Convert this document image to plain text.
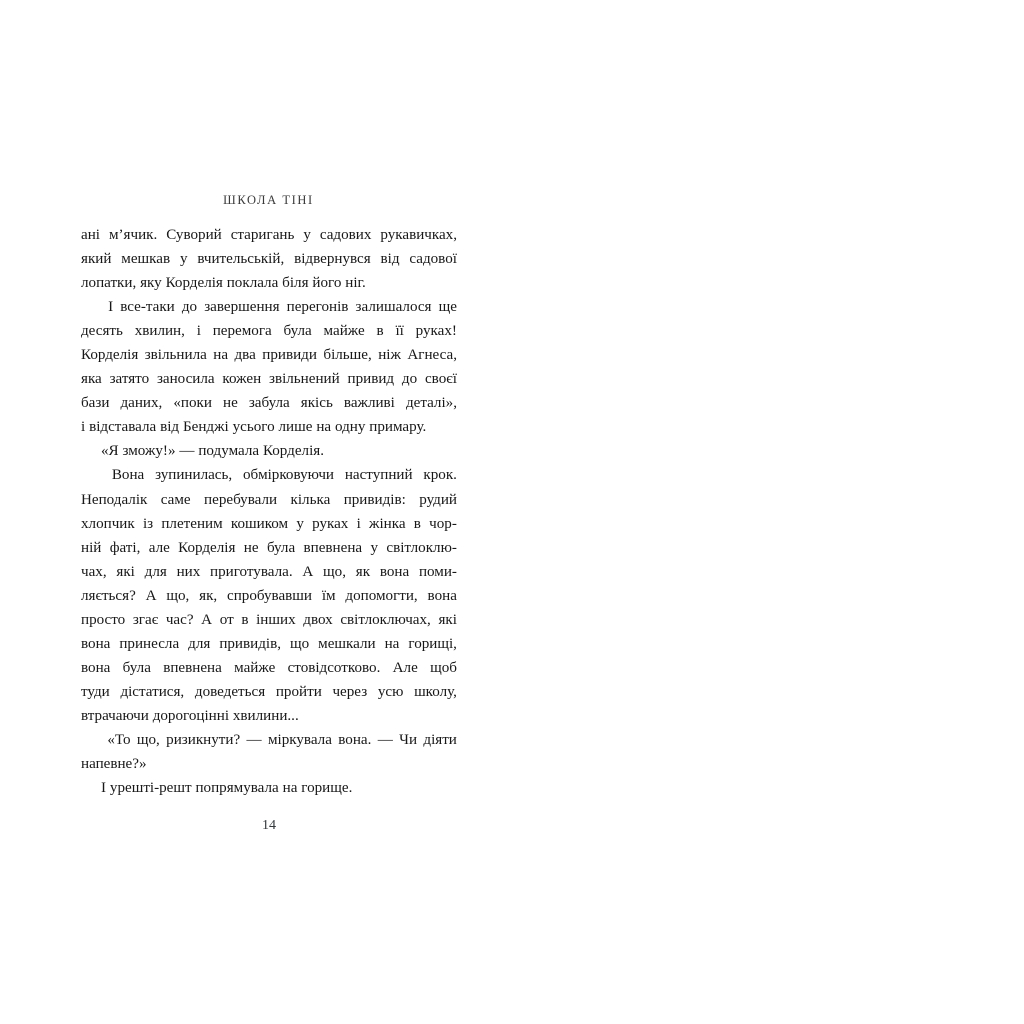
ШКОЛА ТІНІ
ані м’ячик. Суворий старигань у садових рукавичках,
який мешкав у вчительській, відвернувся від садової
лопатки, яку Корделія поклала біля його ніг.
І все-таки до завершення перегонів залишалося ще
десять хвилин, і перемога була майже в її руках!
Корделія звільнила на два привиди більше, ніж Агнеса,
яка затято заносила кожен звільнений привид до своєї
бази даних, «поки не забула якісь важливі деталі»,
і відставала від Бенджі усього лише на одну примару.
«Я зможу!» — подумала Корделія.
Вона зупинилась, обмірковуючи наступний крок.
Неподалік саме перебували кілька привидів: рудий
хлопчик із плетеним кошиком у руках і жінка в чор-
ній фаті, але Корделія не була впевнена у світлоклю-
чах, які для них приготувала. А що, як вона поми-
ляється? А що, як, спробувавши їм допомогти, вона
просто згає час? А от в інших двох світлоключах, які
вона принесла для привидів, що мешкали на горищі,
вона була впевнена майже стовідсотково. Але щоб
туди дістатися, доведеться пройти через усю школу,
втрачаючи дорогоцінні хвилини...
«То що, ризикнути? — міркувала вона. — Чи діяти
напевне?»
І урешті-решт попрямувала на горище.
14
